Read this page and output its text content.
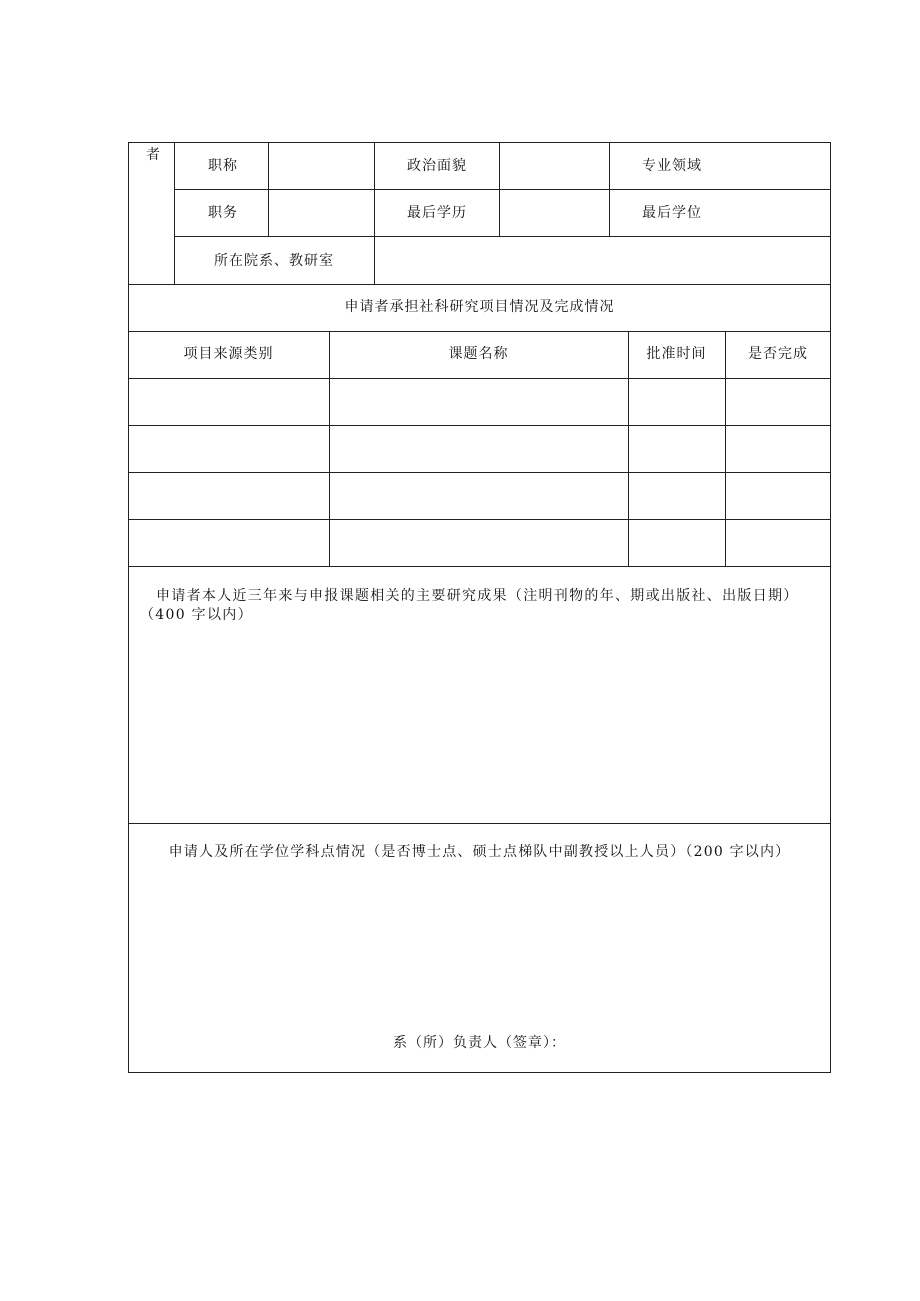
者
职称	政治面貌	专业领域
职务	最后学历	最后学位
所在院系、教研室
申请者承担社科研究项目情况及完成情况
项目来源类别	课题名称	批准时间	是否完成
申请者本人近三年来与申报课题相关的主要研究成果（注明刊物的年、期或出版社、出版日期）（400 字以内）
申请人及所在学位学科点情况（是否博士点、硕士点梯队中副教授以上人员）（200 字以内）
系（所）负责人（签章）：
